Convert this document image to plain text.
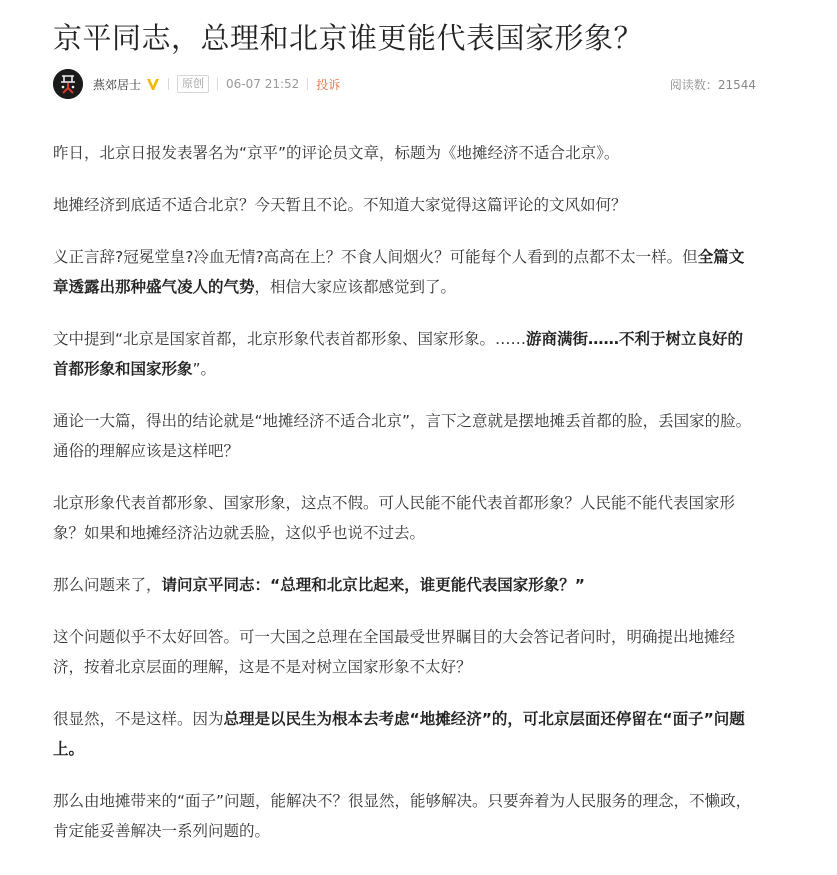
京平同志，总理和北京谁更能代表国家形象？
燕郊居士	原创	06-07 21:52 投诉	阅读数：21544

昨日，北京日报发表署名为“京平”的评论员文章，标题为《地摊经济不适合北京》。

地摊经济到底适不适合北京？今天暂且不论。不知道大家觉得这篇评论的文风如何？

义正言辞?冠冕堂皇?冷血无情?高高在上？不食人间烟火？可能每个人看到的点都不太一样。但全篇文章透露出那种盛气凌人的气势，相信大家应该都感觉到了。

文中提到“北京是国家首都，北京形象代表首都形象、国家形象。……游商满街……不利于树立良好的首都形象和国家形象”。

通论一大篇，得出的结论就是“地摊经济不适合北京”，言下之意就是摆地摊丢首都的脸，丢国家的脸。通俗的理解应该是这样吧？

北京形象代表首都形象、国家形象，这点不假。可人民能不能代表首都形象？人民能不能代表国家形象？如果和地摊经济沾边就丢脸，这似乎也说不过去。

那么问题来了，请问京平同志：“总理和北京比起来，谁更能代表国家形象？”

这个问题似乎不太好回答。可一大国之总理在全国最受世界瞩目的大会答记者问时，明确提出地摊经济，按着北京层面的理解，这是不是对树立国家形象不太好？

很显然，不是这样。因为总理是以民生为根本去考虑“地摊经济”的，可北京层面还停留在“面子”问题上。

那么由地摊带来的“面子”问题，能解决不？很显然，能够解决。只要奔着为人民服务的理念，不懒政，肯定能妥善解决一系列问题的。
